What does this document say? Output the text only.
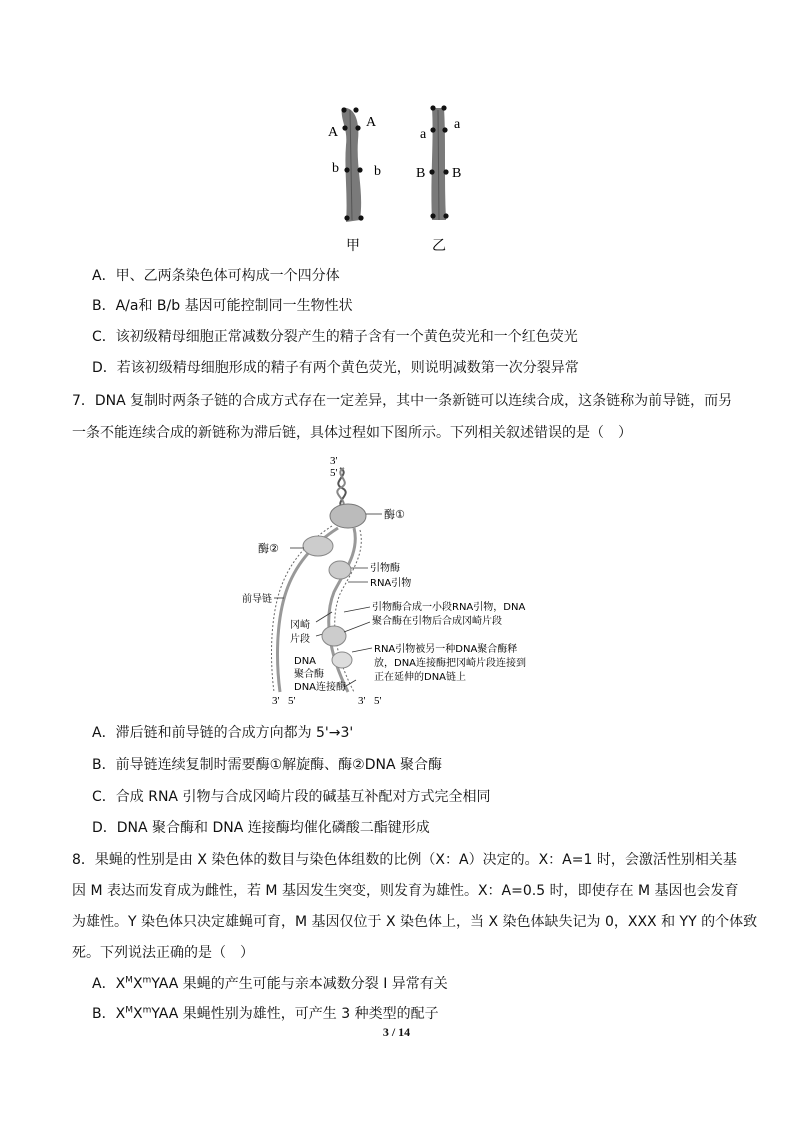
A
A
b	b
甲
a
a
B B
乙
A．甲、乙两条染色体可构成一个四分体
B．A/a和 B/b 基因可能控制同一生物性状
C．该初级精母细胞正常减数分裂产生的精子含有一个黄色荧光和一个红色荧光
D．若该初级精母细胞形成的精子有两个黄色荧光，则说明减数第一次分裂异常
7．DNA 复制时两条子链的合成方式存在一定差异，其中一条新链可以连续合成，这条链称为前导链，而另
一条不能连续合成的新链称为滞后链，具体过程如下图所示。下列相关叙述错误的是（　）
3'
5'
酶①
酶②
引物酶
RNA引物
前导链
冈崎
片段
引物酶合成一小段RNA引物，DNA
聚合酶在引物后合成冈崎片段
DNA
聚合酶
RNA引物被另一种DNA聚合酶释
放，DNA连接酶把冈崎片段连接到
正在延伸的DNA链上
DNA连接酶
3' 5'	3' 5'
A．滞后链和前导链的合成方向都为 5'→3'
B．前导链连续复制时需要酶①解旋酶、酶②DNA 聚合酶
C．合成 RNA 引物与合成冈崎片段的碱基互补配对方式完全相同
D．DNA 聚合酶和 DNA 连接酶均催化磷酸二酯键形成
8．果蝇的性别是由 X 染色体的数目与染色体组数的比例（X：A）决定的。X：A=1 时，会激活性别相关基
因 M 表达而发育成为雌性，若 M 基因发生突变，则发育为雄性。X：A=0.5 时，即使存在 M 基因也会发育
为雄性。Y 染色体只决定雄蝇可育，M 基因仅位于 X 染色体上，当 X 染色体缺失记为 0，XXX 和 YY 的个体致
死。下列说法正确的是（　）
A．$X^MX^mYAA$ 果蝇的产生可能与亲本减数分裂 I 异常有关
B．$X^MX^mYAA$ 果蝇性别为雄性，可产生 3 种类型的配子
3 / 14
